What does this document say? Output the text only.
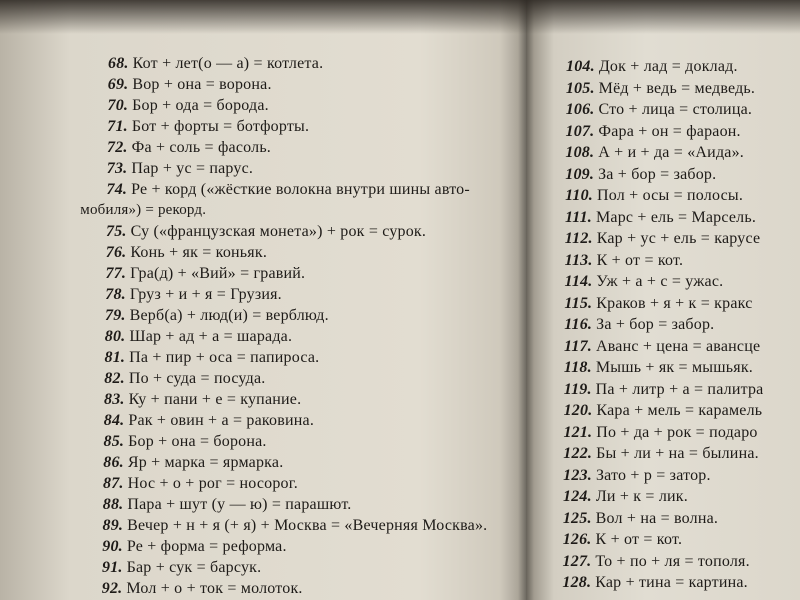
68. Кот + лет(о — а) = котлета.
69. Вор + она = ворона.
70. Бор + ода = борода.
71. Бот + форты = ботфорты.
72. Фа + соль = фасоль.
73. Пар + ус = парус.
74. Ре + корд («жёсткие волокна внутри шины авто-
мобиля») = рекорд.
75. Су («французская монета») + рок = сурок.
76. Конь + як = коньяк.
77. Гра(д) + «Вий» = гравий.
78. Груз + и + я = Грузия.
79. Верб(а) + люд(и) = верблюд.
80. Шар + ад + а = шарада.
81. Па + пир + оса = папироса.
82. По + суда = посуда.
83. Ку + пани + е = купание.
84. Рак + овин + а = раковина.
85. Бор + она = борона.
86. Яр + марка = ярмарка.
87. Нос + о + рог = носорог.
88. Пара + шут (у — ю) = парашют.
89. Вечер + н + я (+ я) + Москва = «Вечерняя Москва».
90. Ре + форма = реформа.
91. Бар + сук = барсук.
92. Мол + о + ток = молоток.
104. Док + лад = доклад.
105. Мёд + ведь = медведь.
106. Сто + лица = столица.
107. Фара + он = фараон.
108. А + и + да = «Аида».
109. За + бор = забор.
110. Пол + осы = полосы.
111. Марс + ель = Марсель.
112. Кар + ус + ель = карусе
113. К + от = кот.
114. Уж + а + с = ужас.
115. Краков + я + к = кракс
116. За + бор = забор.
117. Аванс + цена = авансце
118. Мышь + як = мышьяк.
119. Па + литр + а = палитра
120. Кара + мель = карамель
121. По + да + рок = подаро
122. Бы + ли + на = былина.
123. Зато + р = затор.
124. Ли + к = лик.
125. Вол + на = волна.
126. К + от = кот.
127. То + по + ля = тополя.
128. Кар + тина = картина.
